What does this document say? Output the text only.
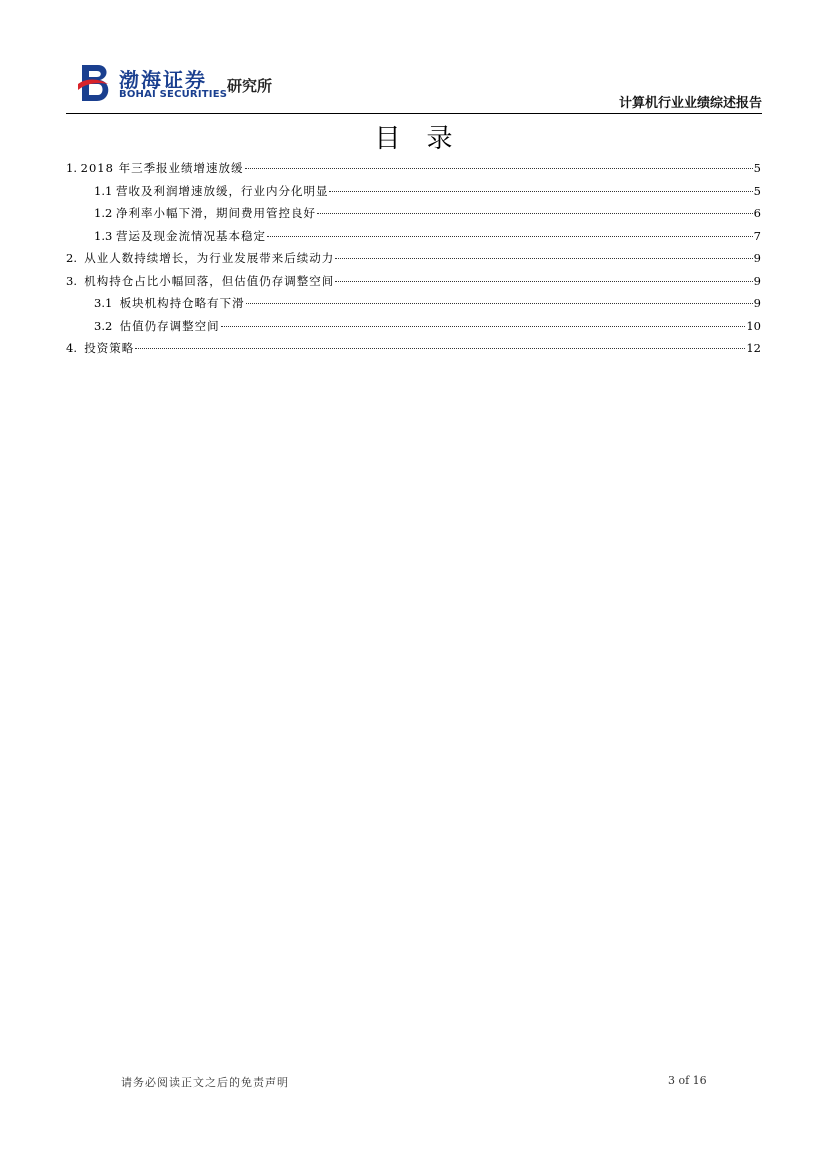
渤海证券
BOHAI SECURITIES 研究所
计算机行业业绩综述报告
目录
1. 2018 年三季报业绩增速放缓	5
1.1 营收及利润增速放缓，行业内分化明显	5
1.2 净利率小幅下滑，期间费用管控良好	6
1.3 营运及现金流情况基本稳定	7
2. 从业人数持续增长，为行业发展带来后续动力	9
3. 机构持仓占比小幅回落，但估值仍存调整空间	9
3.1 板块机构持仓略有下滑	9
3.2 估值仍存调整空间	10
4. 投资策略	12
请务必阅读正文之后的免责声明	3 of 16
